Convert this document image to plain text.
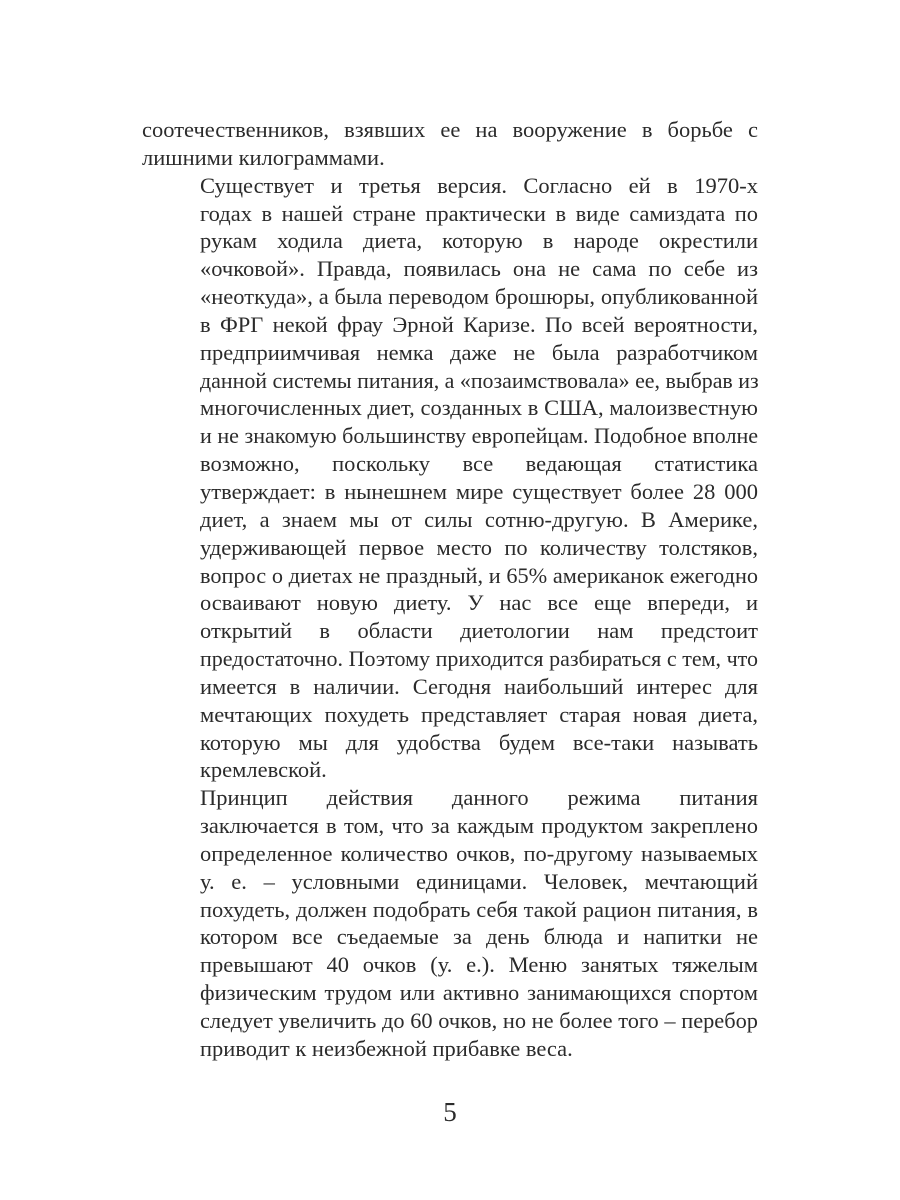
соотечественников, взявших ее на вооружение в борьбе с
лишними килограммами.

Существует и третья версия. Согласно ей в 1970-х
годах в нашей стране практически в виде самиздата по
рукам ходила диета, которую в народе окрестили
«очковой». Правда, появилась она не сама по себе из
«неоткуда», а была переводом брошюры, опубликованной
в ФРГ некой фрау Эрной Каризе. По всей вероятности,
предприимчивая немка даже не была разработчиком
данной системы питания, а «позаимствовала» ее, выбрав из
многочисленных диет, созданных в США, малоизвестную
и не знакомую большинству европейцам. Подобное вполне
возможно, поскольку все ведающая статистика
утверждает: в нынешнем мире существует более 28 000
диет, а знаем мы от силы сотню-другую. В Америке,
удерживающей первое место по количеству толстяков,
вопрос о диетах не праздный, и 65% американок ежегодно
осваивают новую диету. У нас все еще впереди, и
открытий в области диетологии нам предстоит
предостаточно. Поэтому приходится разбираться с тем, что
имеется в наличии. Сегодня наибольший интерес для
мечтающих похудеть представляет старая новая диета,
которую мы для удобства будем все-таки называть
кремлевской.

Принцип действия данного режима питания
заключается в том, что за каждым продуктом закреплено
определенное количество очков, по-другому называемых
у. е. – условными единицами. Человек, мечтающий
похудеть, должен подобрать себя такой рацион питания, в
котором все съедаемые за день блюда и напитки не
превышают 40 очков (у. е.). Меню занятых тяжелым
физическим трудом или активно занимающихся спортом
следует увеличить до 60 очков, но не более того – перебор
приводит к неизбежной прибавке веса.

5
